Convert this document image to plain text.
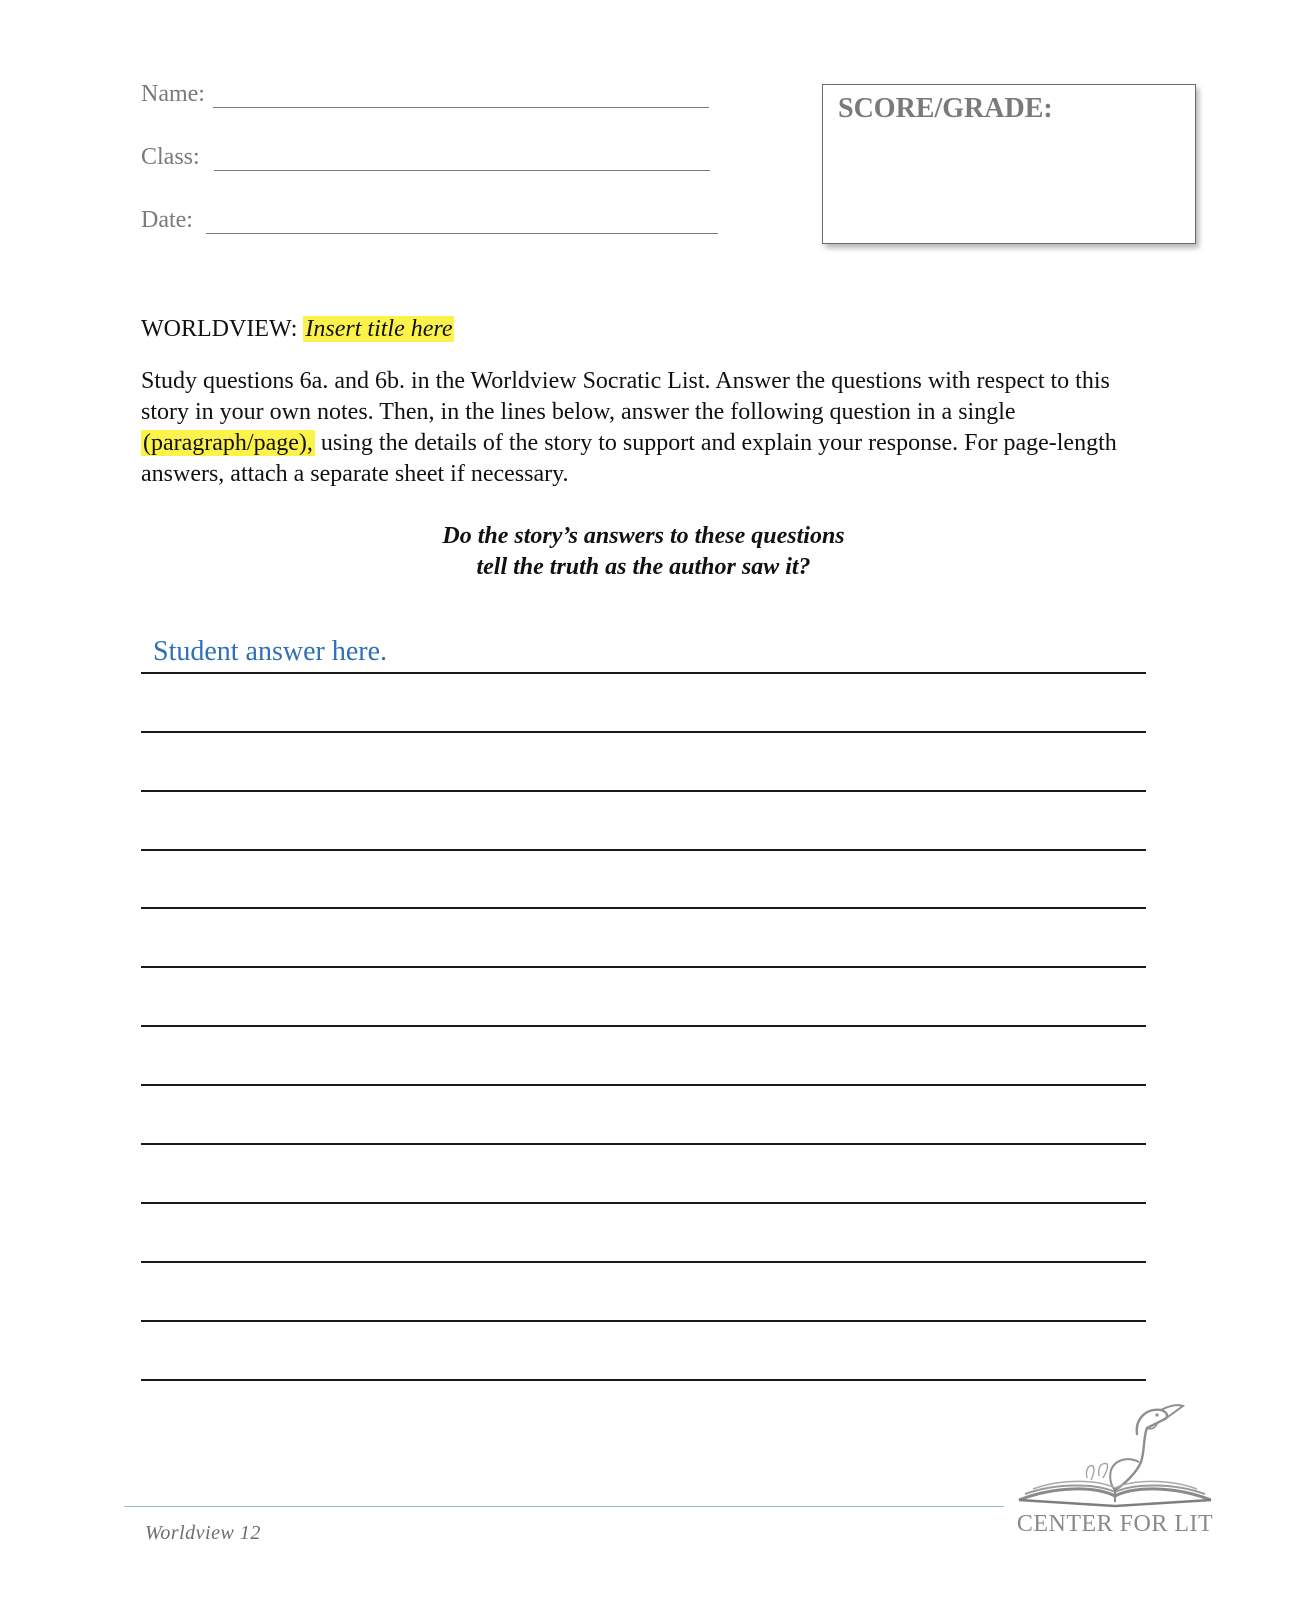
Name:
Class:
Date:
SCORE/GRADE:
WORLDVIEW: Insert title here
Study questions 6a. and 6b. in the Worldview Socratic List. Answer the questions with respect to this story in your own notes. Then, in the lines below, answer the following question in a single (paragraph/page), using the details of the story to support and explain your response. For page-length answers, attach a separate sheet if necessary.
Do the story’s answers to these questions
tell the truth as the author saw it?
Student answer here.
Worldview 12	CENTER FOR LIT
